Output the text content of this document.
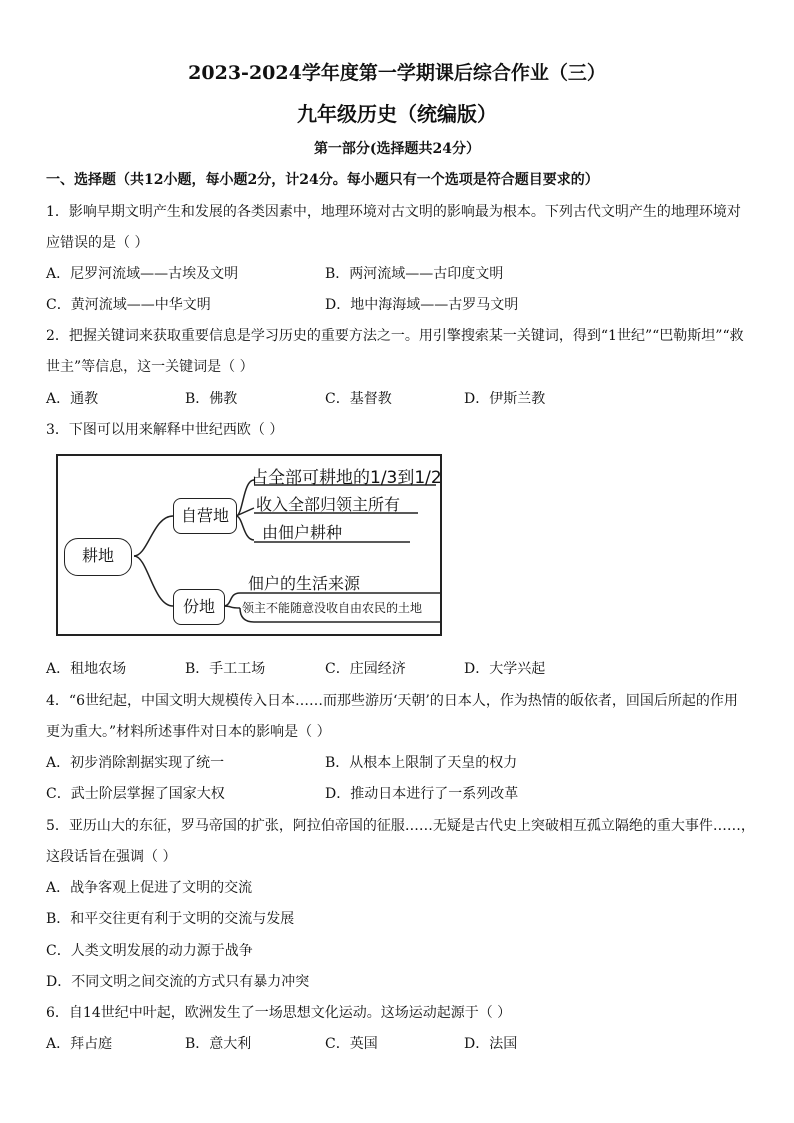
2023-2024学年度第一学期课后综合作业（三）
九年级历史（统编版）
第一部分(选择题共24分）
一、选择题（共12小题，每小题2分，计24分。每小题只有一个选项是符合题目要求的）
1．影响早期文明产生和发展的各类因素中，地理环境对古文明的影响最为根本。下列古代文明产生的地理环境对
应错误的是（ ）
A．尼罗河流域——古埃及文明	B．两河流域——古印度文明
C．黄河流域——中华文明	D．地中海海域——古罗马文明
2．把握关键词来获取重要信息是学习历史的重要方法之一。用引擎搜索某一关键词，得到“1世纪”“巴勒斯坦”“救
世主”等信息，这一关键词是（ ）
A．通教	B．佛教	C．基督教	D．伊斯兰教
3．下图可以用来解释中世纪西欧（ ）
耕地
自营地
份地
占全部可耕地的1/3到1/2
收入全部归领主所有
由佃户耕种
佃户的生活来源
领主不能随意没收自由农民的土地
A．租地农场	B．手工工场	C．庄园经济	D．大学兴起
4．“6世纪起，中国文明大规模传入日本……而那些游历‘天朝’的日本人，作为热情的皈依者，回国后所起的作用
更为重大。”材料所述事件对日本的影响是（ ）
A．初步消除割据实现了统一	B．从根本上限制了天皇的权力
C．武士阶层掌握了国家大权	D．推动日本进行了一系列改革
5．亚历山大的东征，罗马帝国的扩张，阿拉伯帝国的征服……无疑是古代史上突破相互孤立隔绝的重大事件……，
这段话旨在强调（ ）
A．战争客观上促进了文明的交流
B．和平交往更有利于文明的交流与发展
C．人类文明发展的动力源于战争
D．不同文明之间交流的方式只有暴力冲突
6．自14世纪中叶起，欧洲发生了一场思想文化运动。这场运动起源于（ ）
A．拜占庭	B．意大利	C．英国	D．法国
